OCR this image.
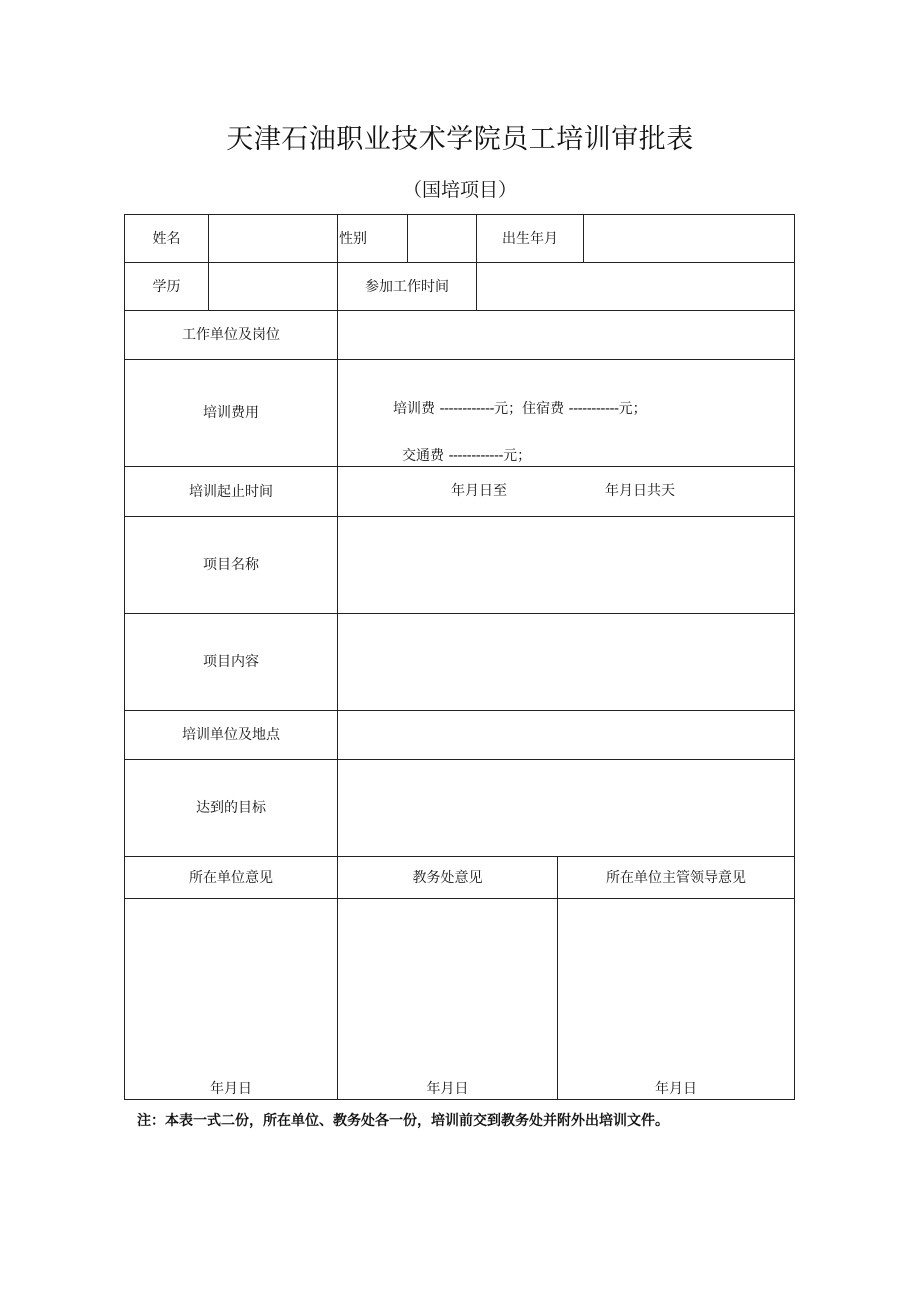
天津石油职业技术学院员工培训审批表
（国培项目）
姓名	性别	出生年月
学历	参加工作时间
工作单位及岗位
培训费用	培训费 ------------元；住宿费 -----------元；
交通费 ------------元；
培训起止时间	年月日至	年月日共天
项目名称
项目内容
培训单位及地点
达到的目标
所在单位意见	教务处意见	所在单位主管领导意见
年月日	年月日	年月日
注：本表一式二份，所在单位、教务处各一份，培训前交到教务处并附外出培训文件。
